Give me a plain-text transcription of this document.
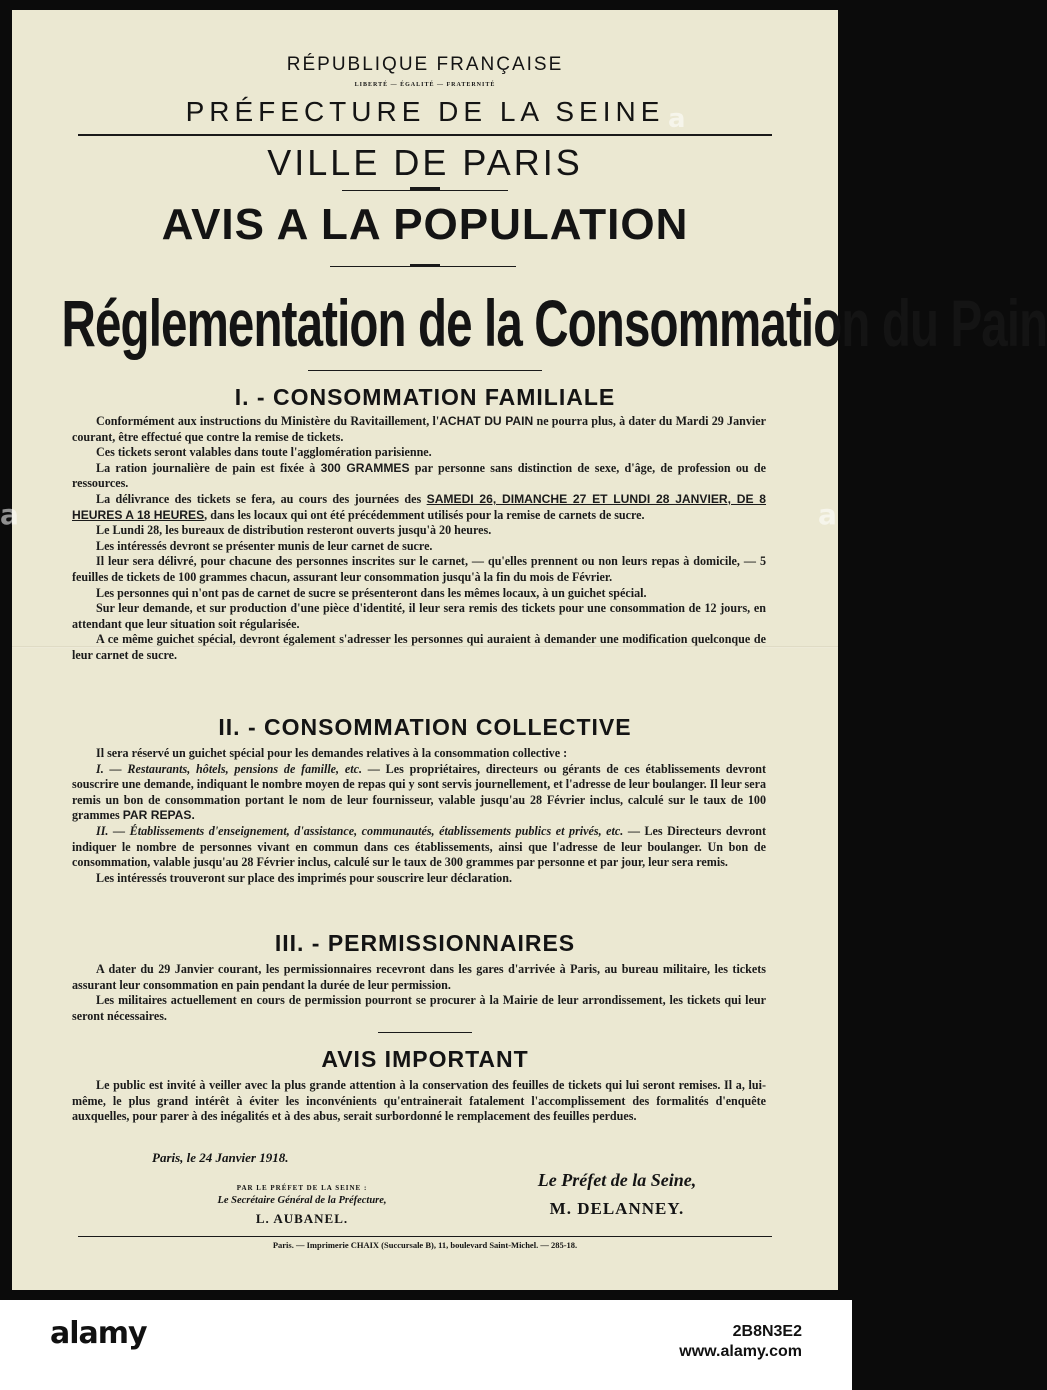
RÉPUBLIQUE FRANÇAISE
LIBERTÉ — ÉGALITÉ — FRATERNITÉ
PRÉFECTURE DE LA SEINE
VILLE DE PARIS
AVIS A LA POPULATION
Réglementation de la Consommation du Pain
I. - CONSOMMATION FAMILIALE

Conformément aux instructions du Ministère du Ravitaillement, l'ACHAT DU PAIN ne pourra plus, à dater du Mardi 29 Janvier courant, être effectué que contre la remise de tickets.

Ces tickets seront valables dans toute l'agglomération parisienne.

La ration journalière de pain est fixée à 300 GRAMMES par personne sans distinction de sexe, d'âge, de profession ou de ressources.

La délivrance des tickets se fera, au cours des journées des SAMEDI 26, DIMANCHE 27 ET LUNDI 28 JANVIER, DE 8 HEURES A 18 HEURES, dans les locaux qui ont été précédemment utilisés pour la remise de carnets de sucre.

Le Lundi 28, les bureaux de distribution resteront ouverts jusqu'à 20 heures.

Les intéressés devront se présenter munis de leur carnet de sucre.

Il leur sera délivré, pour chacune des personnes inscrites sur le carnet, — qu'elles prennent ou non leurs repas à domicile, — 5 feuilles de tickets de 100 grammes chacun, assurant leur consommation jusqu'à la fin du mois de Février.

Les personnes qui n'ont pas de carnet de sucre se présenteront dans les mêmes locaux, à un guichet spécial.

Sur leur demande, et sur production d'une pièce d'identité, il leur sera remis des tickets pour une consommation de 12 jours, en attendant que leur situation soit régularisée.

A ce même guichet spécial, devront également s'adresser les personnes qui auraient à demander une modification quelconque de leur carnet de sucre.

II. - CONSOMMATION COLLECTIVE

Il sera réservé un guichet spécial pour les demandes relatives à la consommation collective :

I. — Restaurants, hôtels, pensions de famille, etc. — Les propriétaires, directeurs ou gérants de ces établissements devront souscrire une demande, indiquant le nombre moyen de repas qui y sont servis journellement, et l'adresse de leur boulanger. Il leur sera remis un bon de consommation portant le nom de leur fournisseur, valable jusqu'au 28 Février inclus, calculé sur le taux de 100 grammes PAR REPAS.

II. — Établissements d'enseignement, d'assistance, communautés, établissements publics et privés, etc. — Les Directeurs devront indiquer le nombre de personnes vivant en commun dans ces établissements, ainsi que l'adresse de leur boulanger. Un bon de consommation, valable jusqu'au 28 Février inclus, calculé sur le taux de 300 grammes par personne et par jour, leur sera remis.

Les intéressés trouveront sur place des imprimés pour souscrire leur déclaration.

III. - PERMISSIONNAIRES

A dater du 29 Janvier courant, les permissionnaires recevront dans les gares d'arrivée à Paris, au bureau militaire, les tickets assurant leur consommation en pain pendant la durée de leur permission.

Les militaires actuellement en cours de permission pourront se procurer à la Mairie de leur arrondissement, les tickets qui leur seront nécessaires.

AVIS IMPORTANT

Le public est invité à veiller avec la plus grande attention à la conservation des feuilles de tickets qui lui seront remises. Il a, lui-même, le plus grand intérêt à éviter les inconvénients qu'entrainerait fatalement l'accomplissement des formalités d'enquête auxquelles, pour parer à des inégalités et à des abus, serait surbordonné le remplacement des feuilles perdues.

Paris, le 24 Janvier 1918.
PAR LE PRÉFET DE LA SEINE :
Le Secrétaire Général de la Préfecture,
L. AUBANEL.
Le Préfet de la Seine,
M. DELANNEY.
Paris. — Imprimerie CHAIX (Succursale B), 11, boulevard Saint-Michel. — 285-18.
a
a	a
alamy	2B8N3E2
www.alamy.com
